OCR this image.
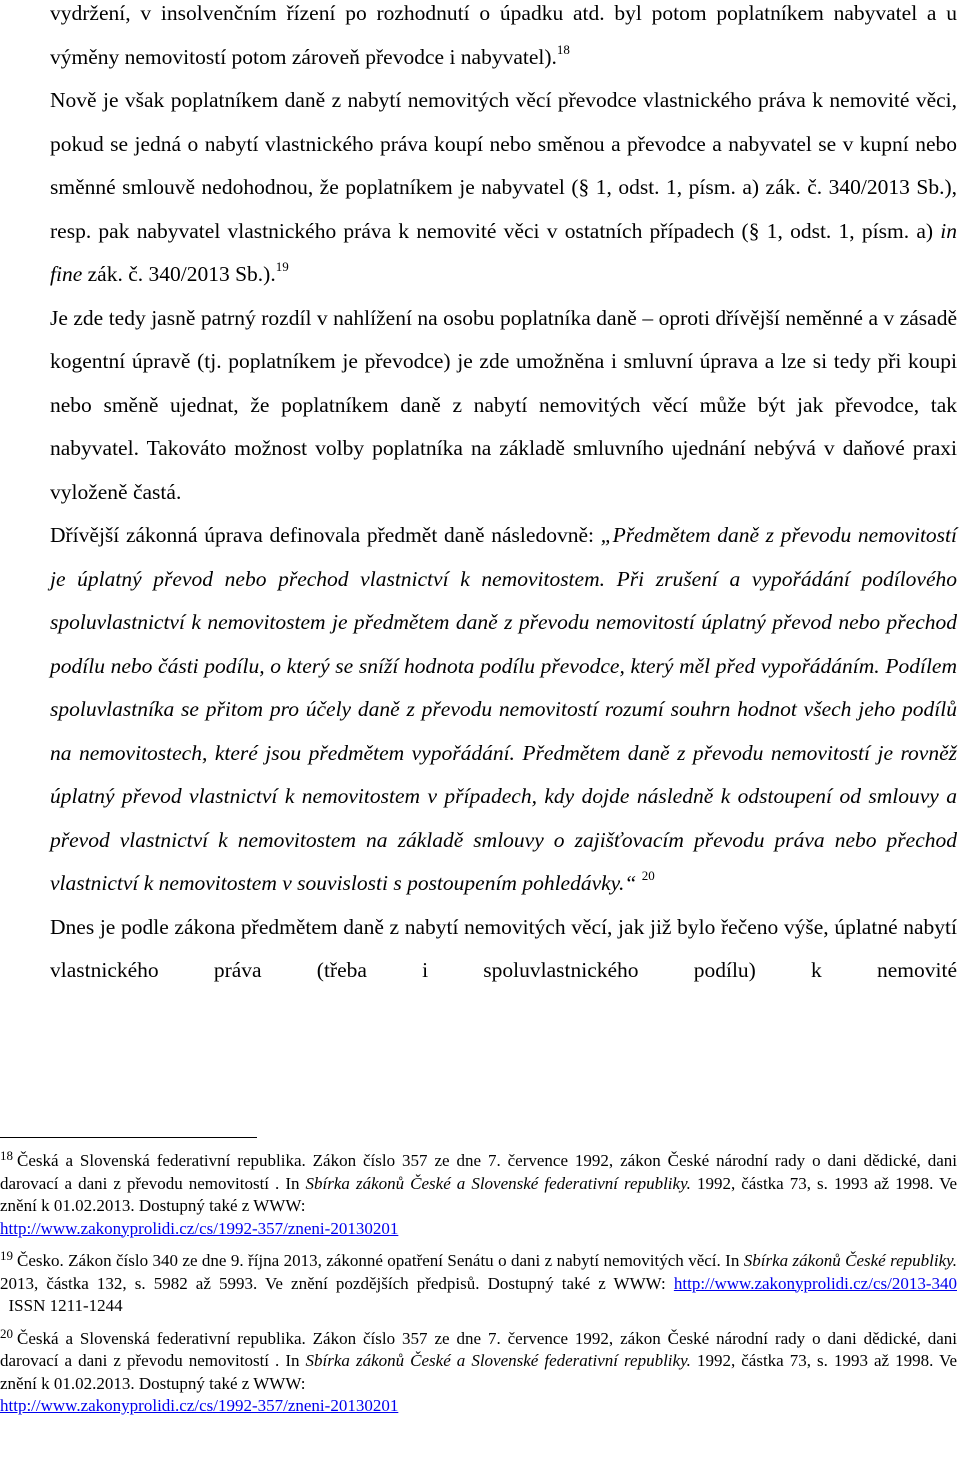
vydržení, v insolvenčním řízení po rozhodnutí o úpadku atd. byl potom poplatníkem nabyvatel a u výměny nemovitostí potom zároveň převodce i nabyvatel).$^{18}$

Nově je však poplatníkem daně z nabytí nemovitých věcí převodce vlastnického práva k nemovité věci, pokud se jedná o nabytí vlastnického práva koupí nebo směnou a převodce a nabyvatel se v kupní nebo směnné smlouvě nedohodnou, že poplatníkem je nabyvatel (§ 1, odst. 1, písm. a) zák. č. 340/2013 Sb.), resp. pak nabyvatel vlastnického práva k nemovité věci v ostatních případech (§ 1, odst. 1, písm. a) in fine zák. č. 340/2013 Sb.).$^{19}$

Je zde tedy jasně patrný rozdíl v nahlížení na osobu poplatníka daně – oproti dřívější neměnné a v zásadě kogentní úpravě (tj. poplatníkem je převodce) je zde umožněna i smluvní úprava a lze si tedy při koupi nebo směně ujednat, že poplatníkem daně z nabytí nemovitých věcí může být jak převodce, tak nabyvatel. Takováto možnost volby poplatníka na základě smluvního ujednání nebývá v daňové praxi vyloženě častá.

Dřívější zákonná úprava definovala předmět daně následovně: „Předmětem daně z převodu nemovitostí je úplatný převod nebo přechod vlastnictví k nemovitostem. Při zrušení a vypořádání podílového spoluvlastnictví k nemovitostem je předmětem daně z převodu nemovitostí úplatný převod nebo přechod podílu nebo části podílu, o který se sníží hodnota podílu převodce, který měl před vypořádáním. Podílem spoluvlastníka se přitom pro účely daně z převodu nemovitostí rozumí souhrn hodnot všech jeho podílů na nemovitostech, které jsou předmětem vypořádání. Předmětem daně z převodu nemovitostí je rovněž úplatný převod vlastnictví k nemovitostem v případech, kdy dojde následně k odstoupení od smlouvy a převod vlastnictví k nemovitostem na základě smlouvy o zajišťovacím převodu práva nebo přechod vlastnictví k nemovitostem v souvislosti s postoupením pohledávky.“ $^{20}$

Dnes je podle zákona předmětem daně z nabytí nemovitých věcí, jak již bylo řečeno výše, úplatné nabytí vlastnického práva (třeba i spoluvlastnického podílu) k nemovité

$^{18}$ Česká a Slovenská federativní republika. Zákon číslo 357 ze dne 7. července 1992, zákon České národní rady o dani dědické, dani darovací a dani z převodu nemovitostí . In Sbírka zákonů České a Slovenské federativní republiky. 1992, částka 73, s. 1993 až 1998. Ve znění k 01.02.2013. Dostupný také z WWW:
http://www.zakonyprolidi.cz/cs/1992-357/zneni-20130201

$^{19}$ Česko. Zákon číslo 340 ze dne 9. října 2013, zákonné opatření Senátu o dani z nabytí nemovitých věcí. In Sbírka zákonů České republiky. 2013, částka 132, s. 5982 až 5993. Ve znění pozdějších předpisů. Dostupný také z WWW: http://www.zakonyprolidi.cz/cs/2013-340  ISSN 1211-1244

$^{20}$ Česká a Slovenská federativní republika. Zákon číslo 357 ze dne 7. července 1992, zákon České národní rady o dani dědické, dani darovací a dani z převodu nemovitostí . In Sbírka zákonů České a Slovenské federativní republiky. 1992, částka 73, s. 1993 až 1998. Ve znění k 01.02.2013. Dostupný také z WWW:
http://www.zakonyprolidi.cz/cs/1992-357/zneni-20130201
